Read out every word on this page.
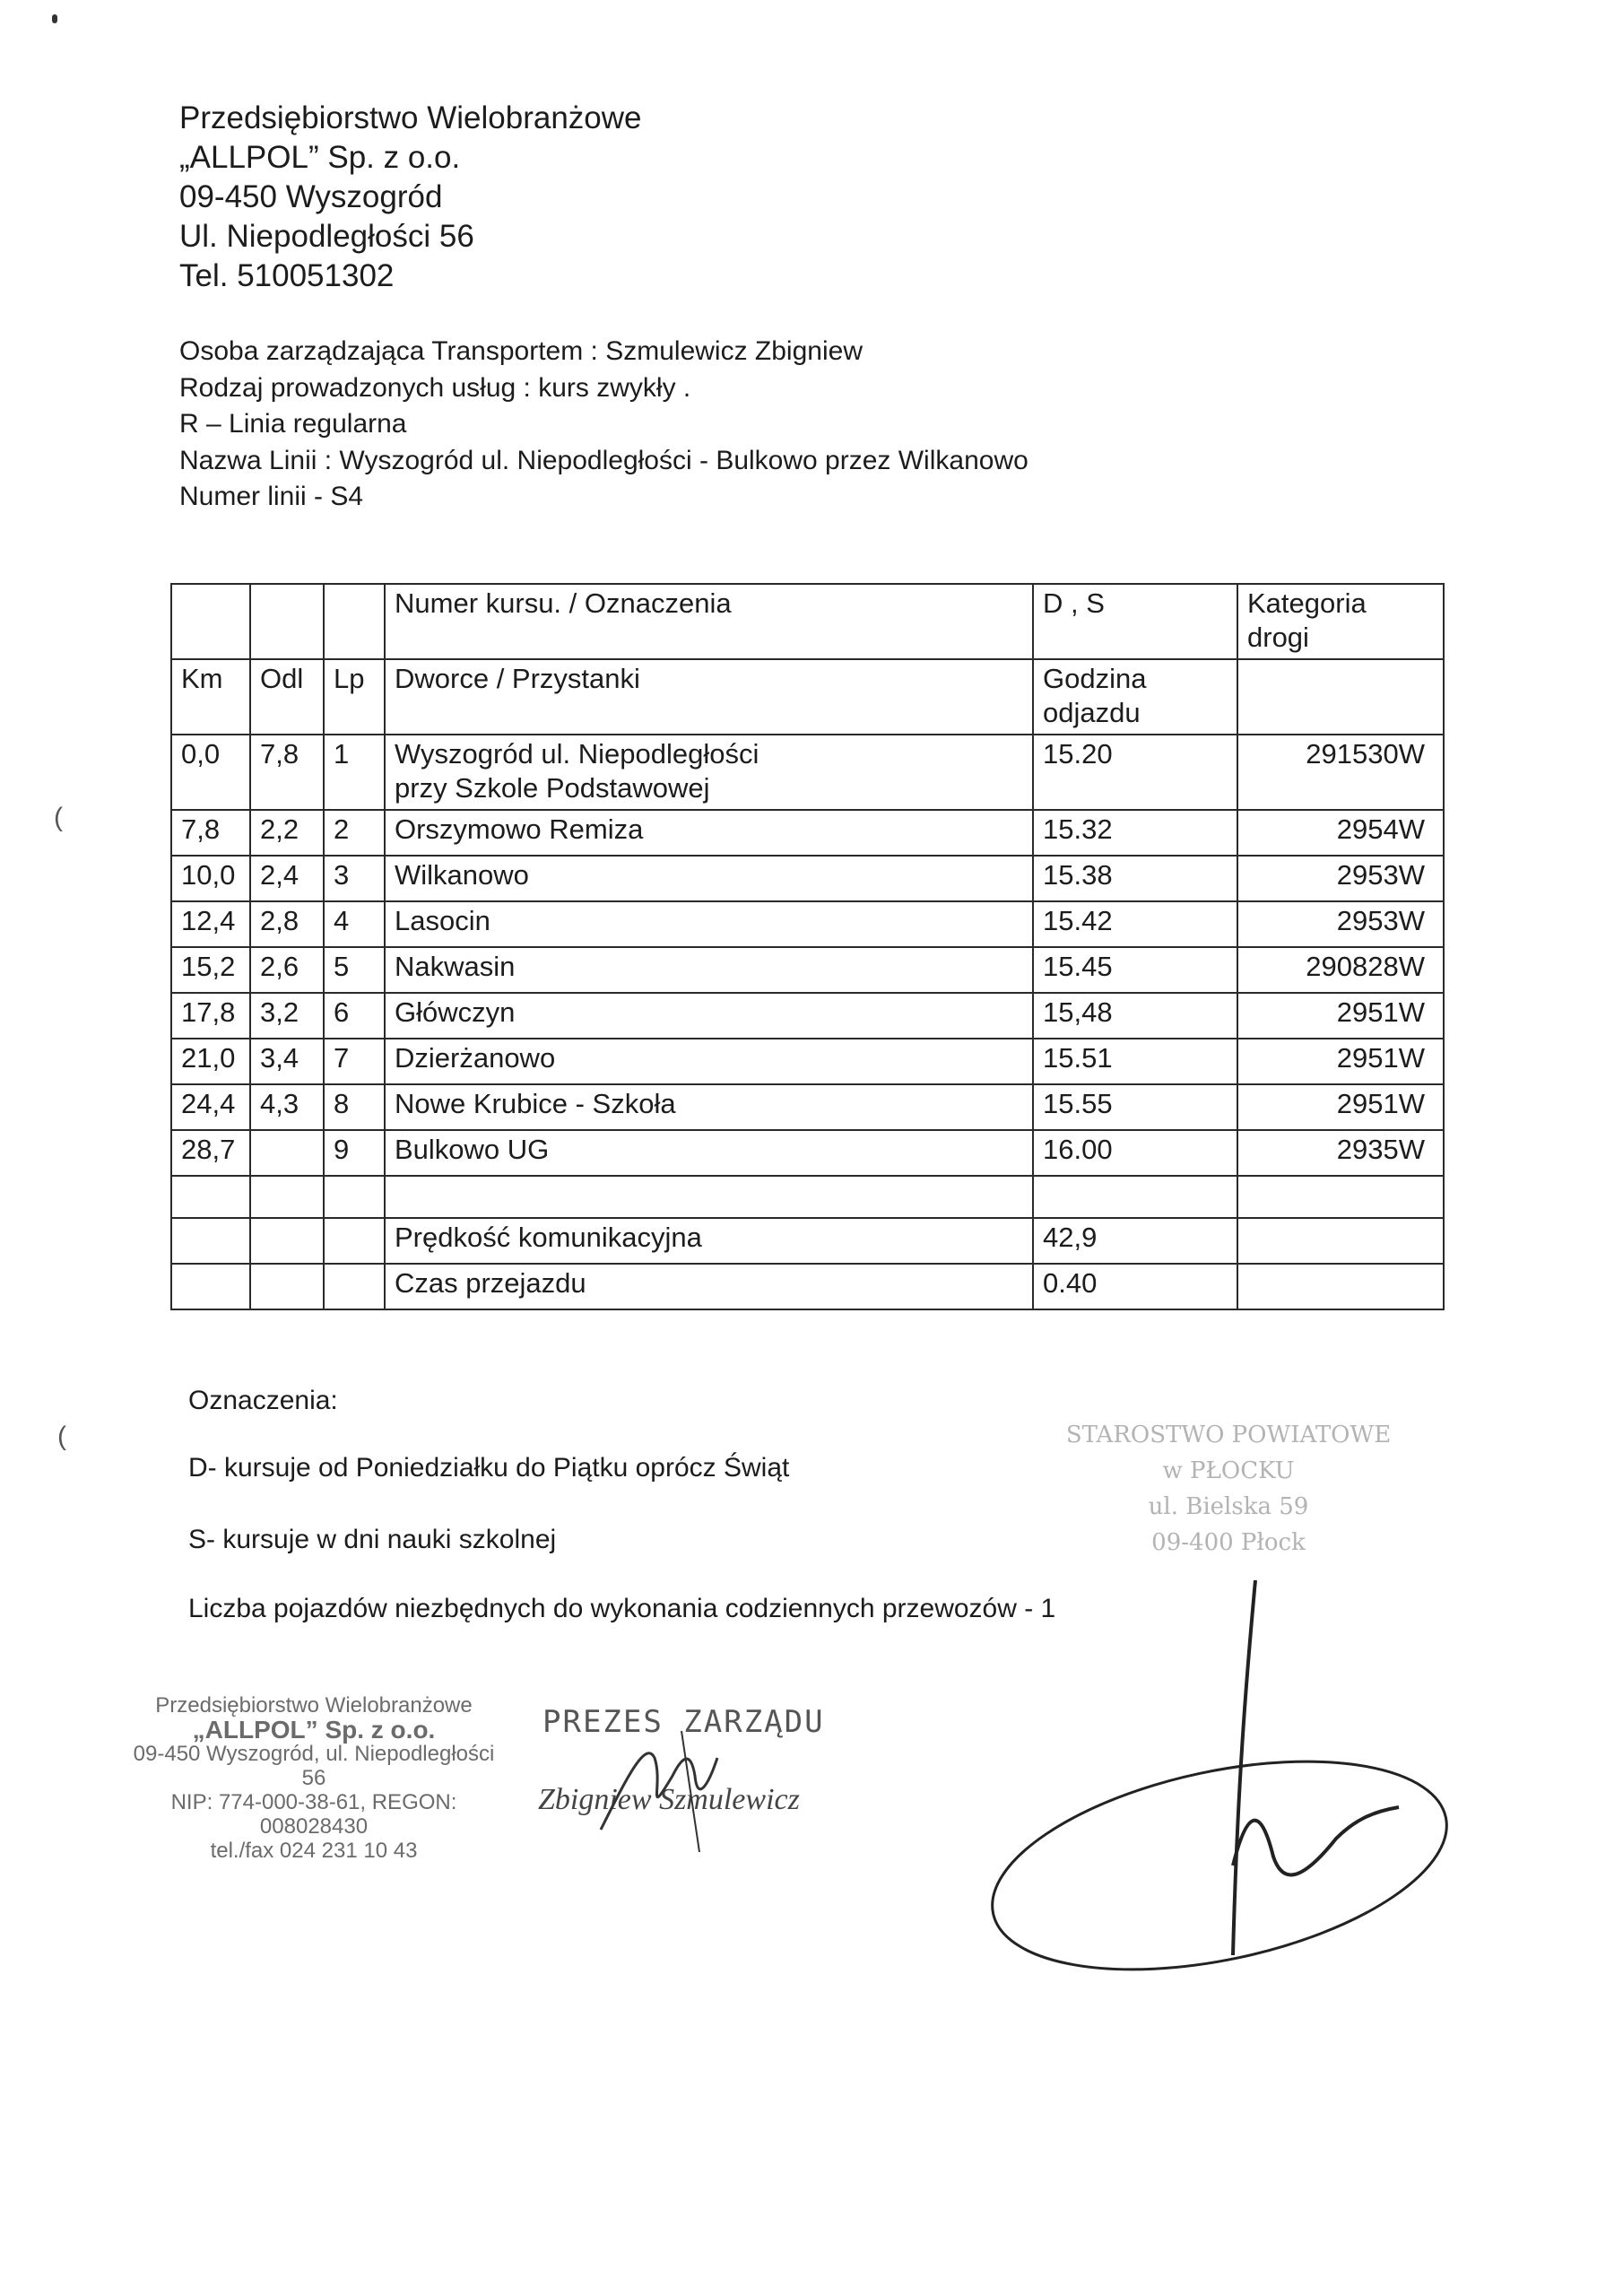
Przedsiębiorstwo Wielobranżowe
„ALLPOL” Sp. z o.o.
09-450 Wyszogród
Ul. Niepodległości 56
Tel. 510051302
Osoba zarządzająca Transportem : Szmulewicz Zbigniew
Rodzaj prowadzonych usług : kurs zwykły .
R – Linia regularna
Nazwa Linii : Wyszogród ul. Niepodległości - Bulkowo przez Wilkanowo
Numer linii - S4
			Numer kursu. / Oznaczenia	D , S	Kategoria
drogi
Km	Odl	Lp	Dworce / Przystanki	Godzina
odjazdu	
0,0	7,8	1	Wyszogród ul. Niepodległości
przy Szkole Podstawowej	15.20	291530W
7,8	2,2	2	Orszymowo Remiza	15.32	2954W
10,0	2,4	3	Wilkanowo	15.38	2953W
12,4	2,8	4	Lasocin	15.42	2953W
15,2	2,6	5	Nakwasin	15.45	290828W
17,8	3,2	6	Główczyn	15,48	2951W
21,0	3,4	7	Dzierżanowo	15.51	2951W
24,4	4,3	8	Nowe Krubice - Szkoła	15.55	2951W
28,7		9	Bulkowo UG	16.00	2935W

			Prędkość komunikacyjna	42,9	
			Czas przejazdu	0.40	
(
(
Oznaczenia:
D- kursuje od Poniedziałku do Piątku oprócz Świąt
S- kursuje w dni nauki szkolnej
Liczba pojazdów niezbędnych do wykonania codziennych przewozów - 1
STAROSTWO POWIATOWE
w PŁOCKU
ul. Bielska 59
09-400 Płock
Przedsiębiorstwo Wielobranżowe
„ALLPOL” Sp. z o.o.
09-450 Wyszogród, ul. Niepodległości 56
NIP: 774-000-38-61, REGON: 008028430
tel./fax 024 231 10 43
PREZES ZARZĄDU
Zbigniew Szmulewicz
